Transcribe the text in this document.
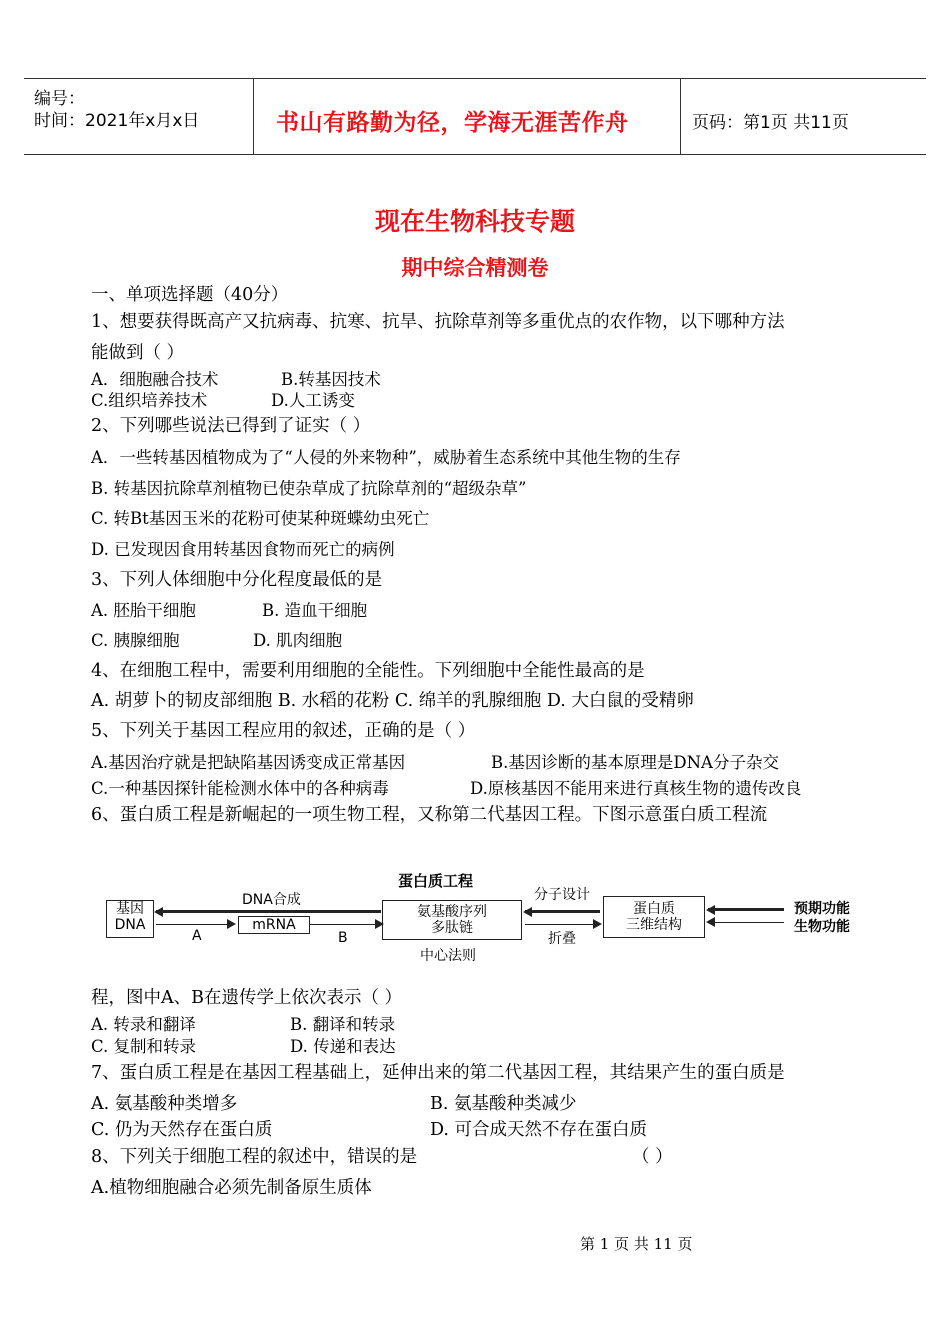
编号：
时间：2021年x月x日	书山有路勤为径，学海无涯苦作舟	页码：第1页 共11页
现在生物科技专题
期中综合精测卷
一、单项选择题（40分）
1、想要获得既高产又抗病毒、抗寒、抗旱、抗除草剂等多重优点的农作物，以下哪种方法
能做到（ ）
A．细胞融合技术	B.转基因技术
C.组织培养技术	D.人工诱变
2、下列哪些说法已得到了证实（ ）
A．一些转基因植物成为了“人侵的外来物种”，威胁着生态系统中其他生物的生存
B. 转基因抗除草剂植物已使杂草成了抗除草剂的“超级杂草”
C. 转Bt基因玉米的花粉可使某种斑蝶幼虫死亡
D. 已发现因食用转基因食物而死亡的病例
3、下列人体细胞中分化程度最低的是
A. 胚胎干细胞	B. 造血干细胞
C. 胰腺细胞	D. 肌肉细胞
4、在细胞工程中，需要利用细胞的全能性。下列细胞中全能性最高的是
A. 胡萝卜的韧皮部细胞 B. 水稻的花粉 C. 绵羊的乳腺细胞 D. 大白鼠的受精卵
5、下列关于基因工程应用的叙述，正确的是（ ）
A.基因治疗就是把缺陷基因诱变成正常基因	B.基因诊断的基本原理是DNA分子杂交
C.一种基因探针能检测水体中的各种病毒	D.原核基因不能用来进行真核生物的遗传改良
6、蛋白质工程是新崛起的一项生物工程，又称第二代基因工程。下图示意蛋白质工程流
蛋白质工程
基因
DNA
DNA合成
A
mRNA
B
氨基酸序列
多肽链
中心法则
分子设计
折叠
蛋白质
三维结构
预期功能
生物功能
程，图中A、B在遗传学上依次表示（ ）
A. 转录和翻译	B. 翻译和转录
C. 复制和转录	D. 传递和表达
7、蛋白质工程是在基因工程基础上，延伸出来的第二代基因工程，其结果产生的蛋白质是
A. 氨基酸种类增多	B. 氨基酸种类减少
C. 仍为天然存在蛋白质	D. 可合成天然不存在蛋白质
8、下列关于细胞工程的叙述中，错误的是	（ ）
A.植物细胞融合必须先制备原生质体
第 1 页 共 11 页
